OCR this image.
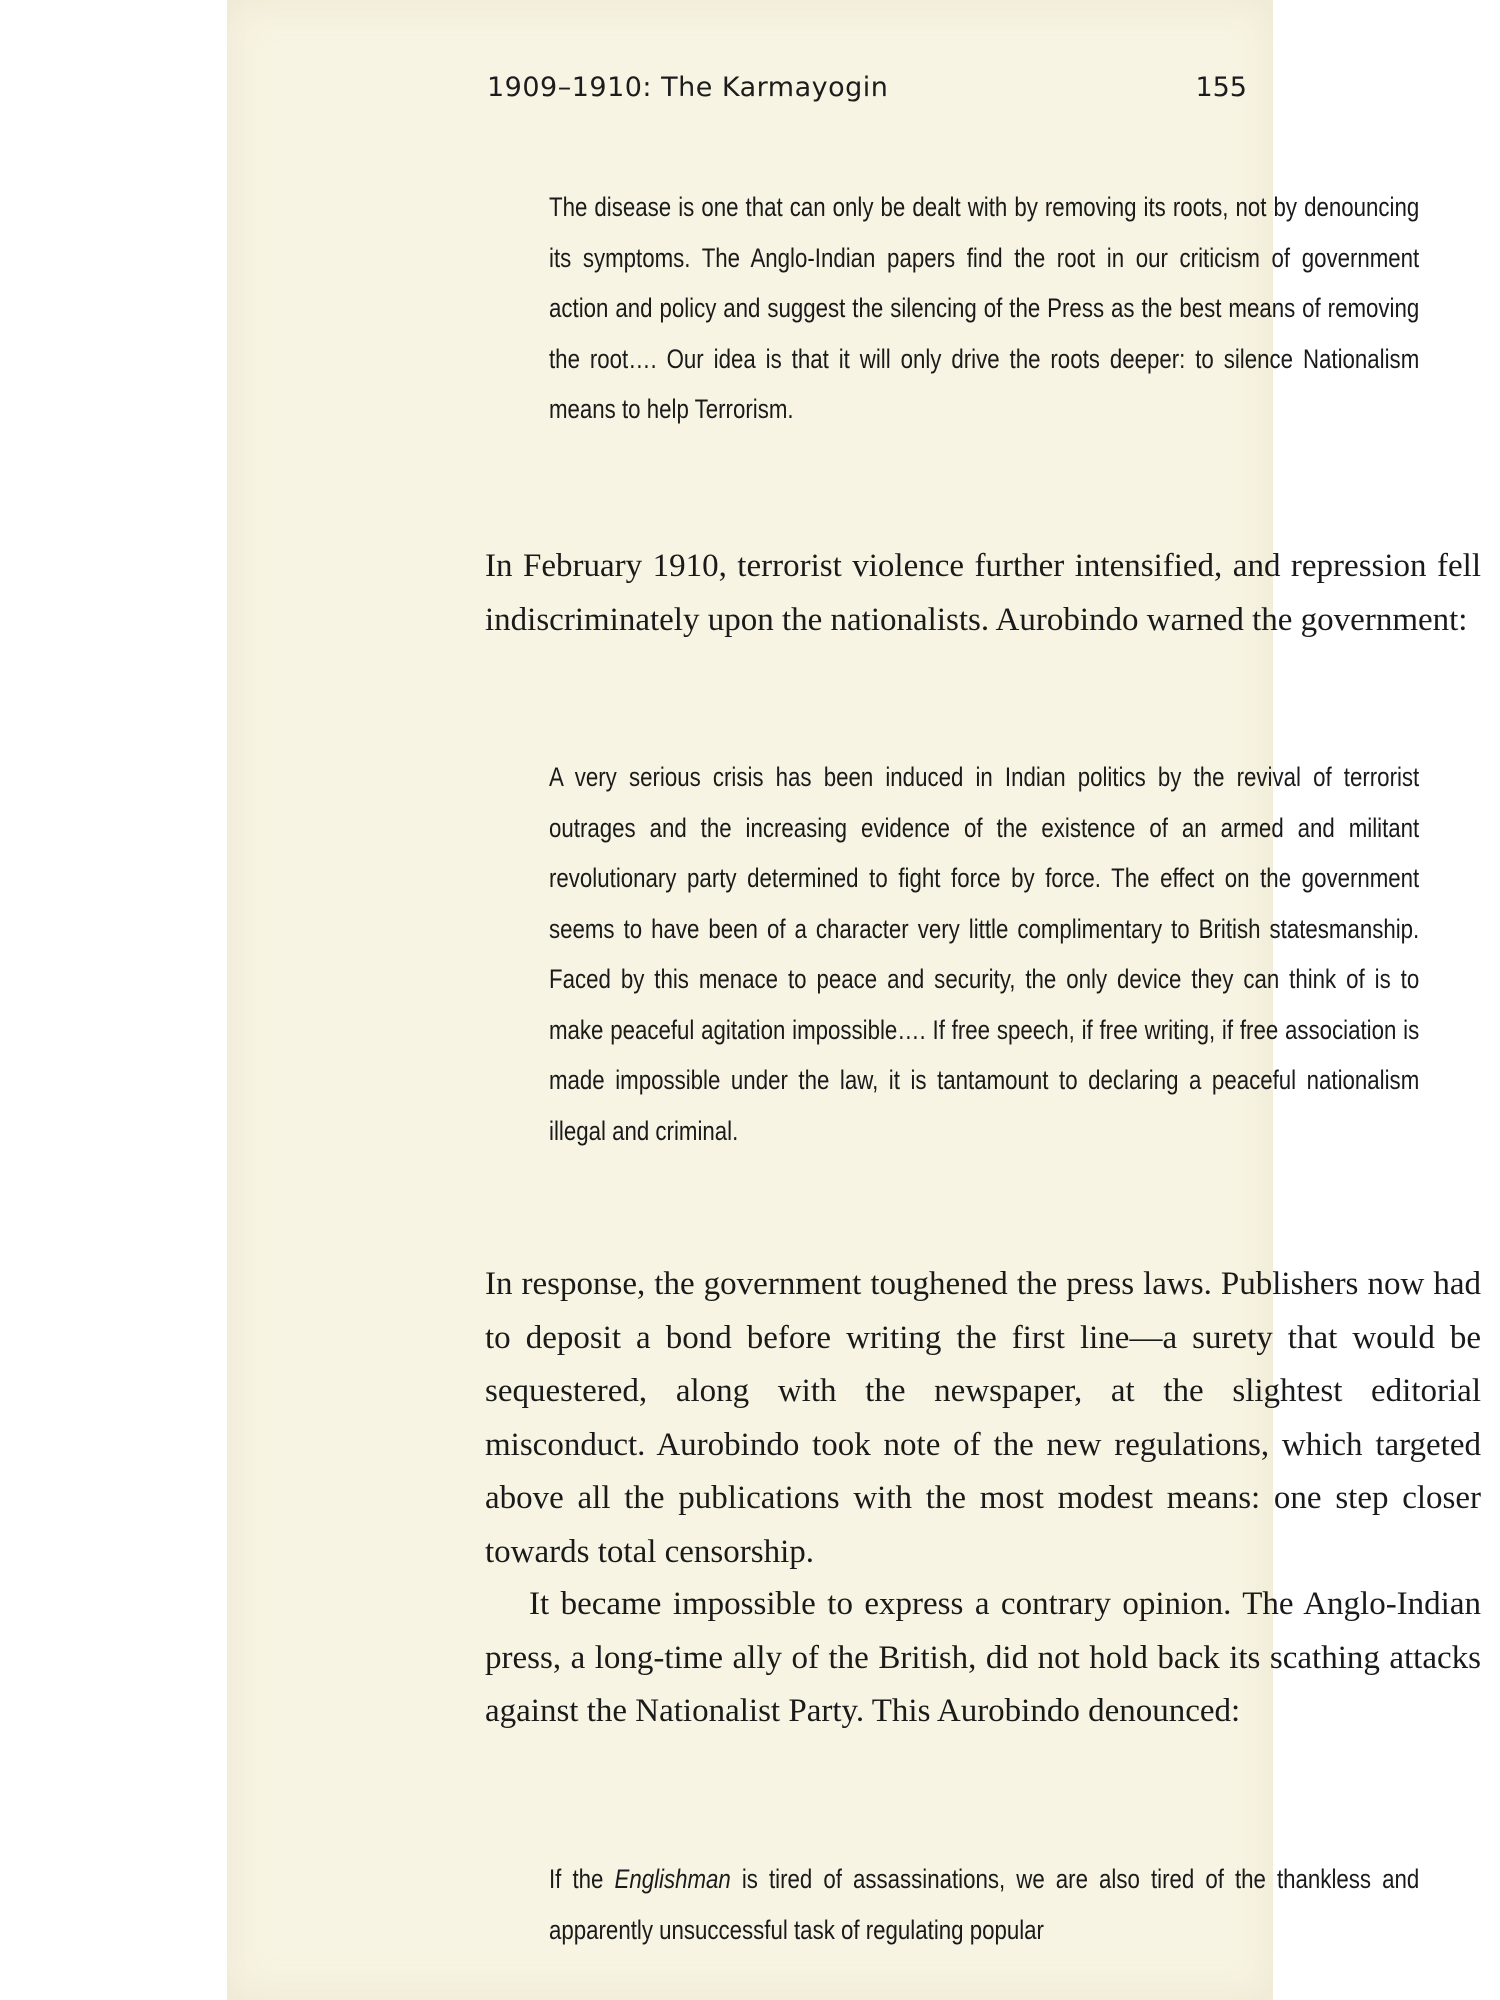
1909–1910: The Karmayogin	155

The disease is one that can only be dealt with by removing its roots, not by denouncing its symptoms. The Anglo-Indian papers find the root in our criticism of government action and policy and suggest the silencing of the Press as the best means of removing the root…. Our idea is that it will only drive the roots deeper: to silence Nationalism means to help Terrorism.

In February 1910, terrorist violence further intensified, and repression fell indiscriminately upon the nationalists. Aurobindo warned the government:

A very serious crisis has been induced in Indian politics by the revival of terrorist outrages and the increasing evidence of the existence of an armed and militant revolutionary party determined to fight force by force. The effect on the government seems to have been of a character very little complimentary to British statesmanship. Faced by this menace to peace and security, the only device they can think of is to make peaceful agitation impossible…. If free speech, if free writing, if free association is made impossible under the law, it is tantamount to declaring a peaceful nationalism illegal and criminal.

In response, the government toughened the press laws. Publishers now had to deposit a bond before writing the first line—a surety that would be sequestered, along with the newspaper, at the slightest editorial misconduct. Aurobindo took note of the new regulations, which targeted above all the publications with the most modest means: one step closer towards total censorship.

It became impossible to express a contrary opinion. The Anglo-Indian press, a long-time ally of the British, did not hold back its scathing attacks against the Nationalist Party. This Aurobindo denounced:

If the Englishman is tired of assassinations, we are also tired of the thankless and apparently unsuccessful task of regulating popular
